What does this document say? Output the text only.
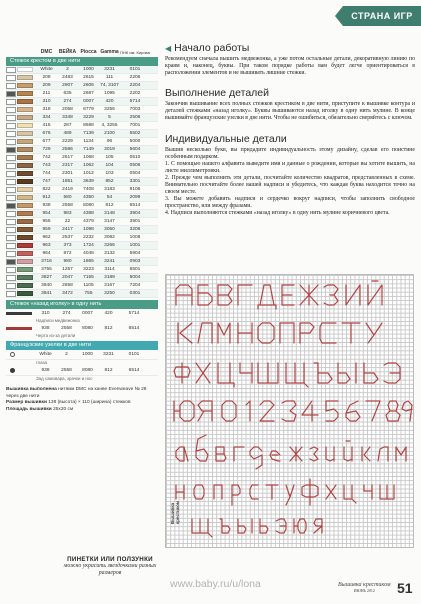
СТРАНА ИГР
DMC	ВЕЙКА Piocca Gamma ПНК им. Кирова
Стежок крестом в две нити
White	2	1000	3231	0101
208	2483	2615	111	2206
209	2907	2606	74, 3107	2204
211	635	2687	1095	2202
310	274	0007	420	5714
318	2058	8779	3256	7003
334	3348	3229	5	2506
415	287	8688	4, 3255	7001
676	489	7139	2100	5502
677	2229	1134	96	5000
729	2586	7149	3019	5604
742	2617	1068	105	0510
743	2317	1062	104	0506
744	2301	1012	103	0504
747	1851	3639	852	3301
822	2419	7408	3183	9106
912	580	4350	54	2099
938	2558	8080	812	6514
954	983	4388	3148	3904
955	22	4379	3147	3901
959	2417	1098	3050	3206
962	2537	2232	3082	1008
963	373	1724	3266	1001
964	872	4048	3132	5904
3716	980	1865	3241	0903
3755	1257	3223	3114	6501
3827	2047	7155	3189	5004
3840	2858	1105	3167	7204
3841	3472	755	3250	0301
Стежок «назад иголку» в одну нить
310	274	0007	420	5714
Надписи медвежонка
938	2558	8080	812	6514
Черта из-за детали
Французские узелки в две нити
White	2	1000	3231	0101
глаза
938	2558	8080	812	6514
Зад самовара, зрачки и нос
Вышивка выполнена нитями DMC на канве Evenweave № 28 через две нити
Размер вышивки 138 (высота) × 110 (ширина) стежков
Площадь вышивки 25х20 см
◀ Начало работы
Рекомендуем сначала вышить медвежонка, а уже потом остальные детали, декоративную линию по краям и, наконец, буквы. При таком порядке работы вам будет легче ориентироваться в расположении элементов и не вышивать лишние стежки.
Выполнение деталей
Закончив вышивание всех полных стежков крестиком в две нити, приступите к вышивке контура и деталей стежками «назад иголку». Буквы вышиваются назад иголку в одну нить мулине. В конце вышивайте французские узелки в две нити. Чтобы не ошибиться, обязательно сверяйтесь с ключом.
Индивидуальные детали
Вышив несколько букв, вы придадите индивидуальность этому дизайну, сделав его поистине особенным подарком.
1. С помощью нашего алфавита выведите имя и данные о рождении, которые вы хотите вышить, на листе миллиметровки.
2. Прежде чем выполнить эти детали, посчитайте количество квадратов, представленных в схеме. Внимательно посчитайте более вашей надписи и убедитесь, что каждая буква находится точно на своем месте.
3. Вы можете добавить надписи и сердечко вокруг надписи, чтобы заполнить свободное пространство, или между фразами.
4. Надписи выполняются стежками «назад иголку» в одну нить мулине коричневого цвета.
Вышивка крестиком
ПИНЕТКИ ИЛИ ПОЛЗУНКИ
можно украсить звездочками разных размеров
www.baby.ru/u/lona	Вышивка крестиком
ИЮНЬ 2012	51
